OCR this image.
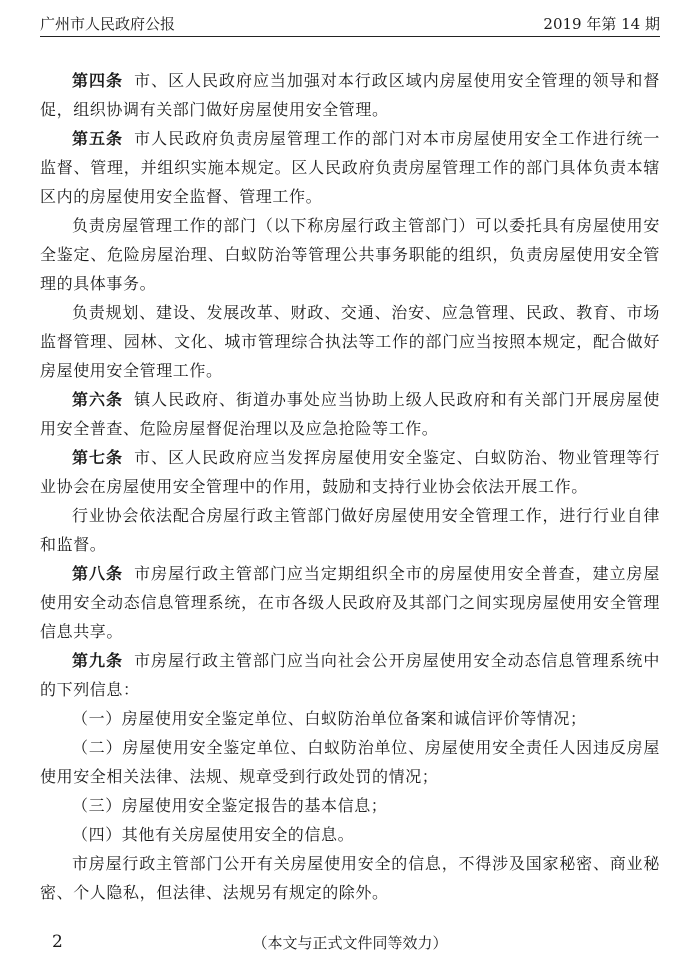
广州市人民政府公报	2019 年第 14 期

第四条 市、区人民政府应当加强对本行政区域内房屋使用安全管理的领导和督促，组织协调有关部门做好房屋使用安全管理。

第五条 市人民政府负责房屋管理工作的部门对本市房屋使用安全工作进行统一监督、管理，并组织实施本规定。区人民政府负责房屋管理工作的部门具体负责本辖区内的房屋使用安全监督、管理工作。

负责房屋管理工作的部门（以下称房屋行政主管部门）可以委托具有房屋使用安全鉴定、危险房屋治理、白蚁防治等管理公共事务职能的组织，负责房屋使用安全管理的具体事务。

负责规划、建设、发展改革、财政、交通、治安、应急管理、民政、教育、市场监督管理、园林、文化、城市管理综合执法等工作的部门应当按照本规定，配合做好房屋使用安全管理工作。

第六条 镇人民政府、街道办事处应当协助上级人民政府和有关部门开展房屋使用安全普查、危险房屋督促治理以及应急抢险等工作。

第七条 市、区人民政府应当发挥房屋使用安全鉴定、白蚁防治、物业管理等行业协会在房屋使用安全管理中的作用，鼓励和支持行业协会依法开展工作。

行业协会依法配合房屋行政主管部门做好房屋使用安全管理工作，进行行业自律和监督。

第八条 市房屋行政主管部门应当定期组织全市的房屋使用安全普查，建立房屋使用安全动态信息管理系统，在市各级人民政府及其部门之间实现房屋使用安全管理信息共享。

第九条 市房屋行政主管部门应当向社会公开房屋使用安全动态信息管理系统中的下列信息：

（一）房屋使用安全鉴定单位、白蚁防治单位备案和诚信评价等情况；

（二）房屋使用安全鉴定单位、白蚁防治单位、房屋使用安全责任人因违反房屋使用安全相关法律、法规、规章受到行政处罚的情况；

（三）房屋使用安全鉴定报告的基本信息；

（四）其他有关房屋使用安全的信息。

市房屋行政主管部门公开有关房屋使用安全的信息，不得涉及国家秘密、商业秘密、个人隐私，但法律、法规另有规定的除外。

2	（本文与正式文件同等效力）
